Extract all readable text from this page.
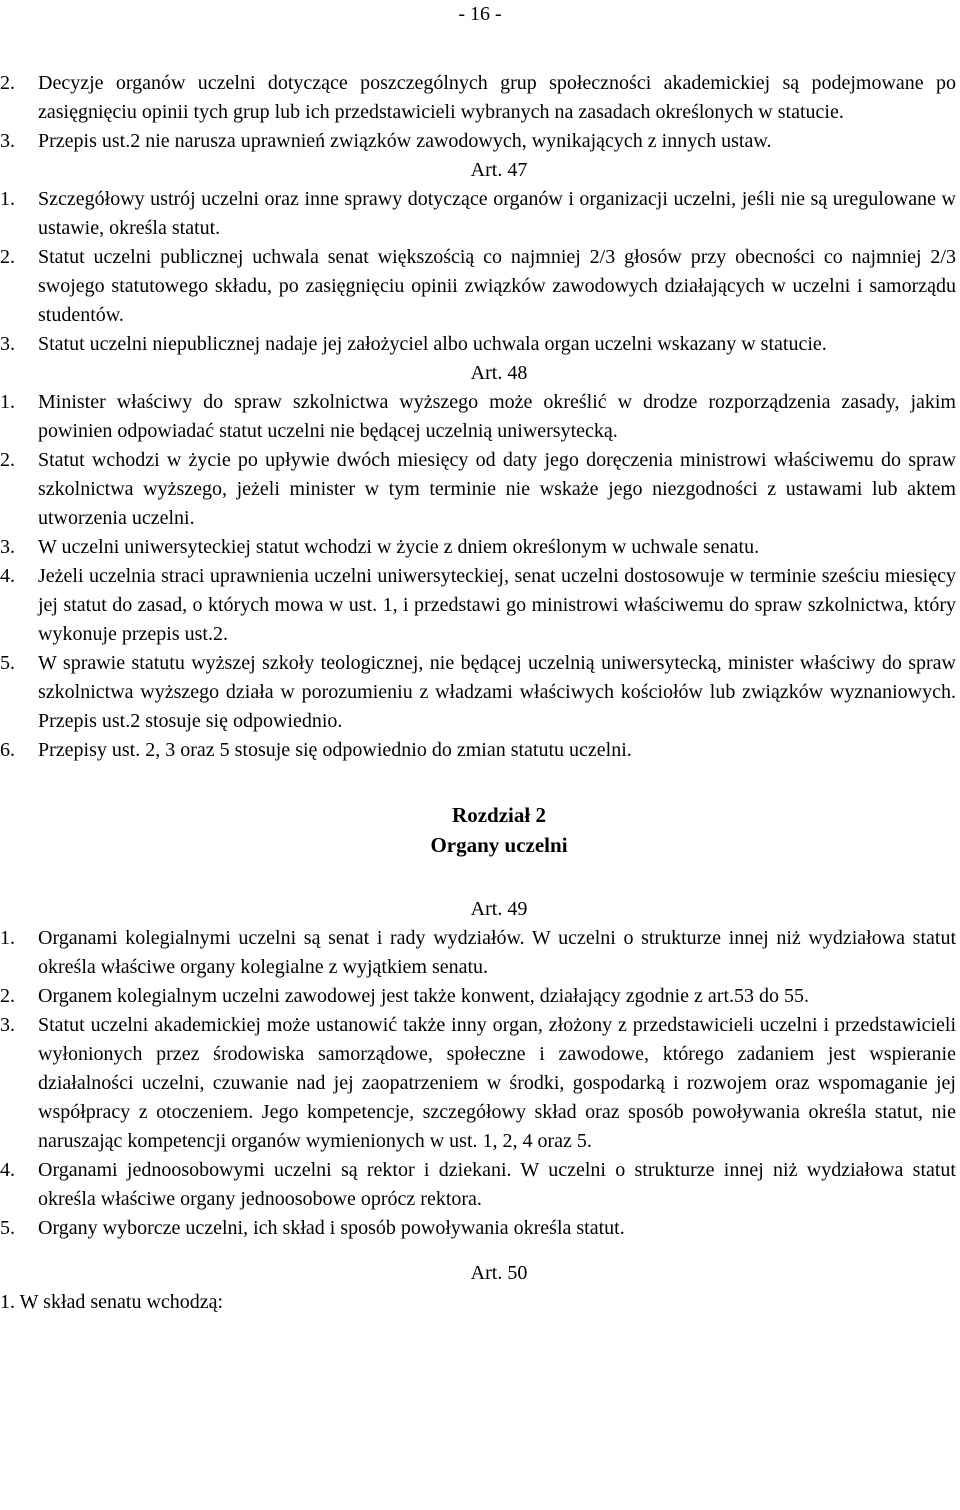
- 16 -

2.	Decyzje organów uczelni dotyczące poszczególnych grup społeczności akademickiej są podejmowane po zasięgnięciu opinii tych grup lub ich przedstawicieli wybranych na zasadach określonych w statucie.

3.	Przepis ust.2 nie narusza uprawnień związków zawodowych, wynikających z innych ustaw.

Art. 47

1.	Szczegółowy ustrój uczelni oraz inne sprawy dotyczące organów i organizacji uczelni, jeśli nie są uregulowane w ustawie, określa statut.

2.	Statut uczelni publicznej uchwala senat większością co najmniej 2/3 głosów przy obecności co najmniej 2/3 swojego statutowego składu, po zasięgnięciu opinii związków zawodowych działających w uczelni i samorządu studentów.

3.	Statut uczelni niepublicznej nadaje jej założyciel albo uchwala organ uczelni wskazany w statucie.

Art. 48

1.	Minister właściwy do spraw szkolnictwa wyższego może określić w drodze rozporządzenia zasady, jakim powinien odpowiadać statut uczelni nie będącej uczelnią uniwersytecką.

2.	Statut wchodzi w życie po upływie dwóch miesięcy od daty jego doręczenia ministrowi właściwemu do spraw szkolnictwa wyższego, jeżeli minister w tym terminie nie wskaże jego niezgodności z ustawami lub aktem utworzenia uczelni.

3.	W uczelni uniwersyteckiej statut wchodzi w życie z dniem określonym w uchwale senatu.

4.	Jeżeli uczelnia straci uprawnienia uczelni uniwersyteckiej, senat uczelni dostosowuje w terminie sześciu miesięcy jej statut do zasad, o których mowa w ust. 1, i przedstawi go ministrowi właściwemu do spraw szkolnictwa, który wykonuje przepis ust.2.

5.	W sprawie statutu wyższej szkoły teologicznej, nie będącej uczelnią uniwersytecką, minister właściwy do spraw szkolnictwa wyższego działa w porozumieniu z władzami właściwych kościołów lub związków wyznaniowych. Przepis ust.2 stosuje się odpowiednio.

6.	Przepisy ust. 2, 3 oraz 5 stosuje się odpowiednio do zmian statutu uczelni.

Rozdział 2

Organy uczelni

Art. 49

1.	Organami kolegialnymi uczelni są senat i rady wydziałów. W uczelni o strukturze innej niż wydziałowa statut określa właściwe organy kolegialne z wyjątkiem senatu.

2.	Organem kolegialnym uczelni zawodowej jest także konwent, działający zgodnie z art.53 do 55.

3.	Statut uczelni akademickiej może ustanowić także inny organ, złożony z przedstawicieli uczelni i przedstawicieli wyłonionych przez środowiska samorządowe, społeczne i zawodowe, którego zadaniem jest wspieranie działalności uczelni, czuwanie nad jej zaopatrzeniem w środki, gospodarką i rozwojem oraz wspomaganie jej współpracy z otoczeniem. Jego kompetencje, szczegółowy skład oraz sposób powoływania określa statut, nie naruszając kompetencji organów wymienionych w ust. 1, 2, 4 oraz 5.

4.	Organami jednoosobowymi uczelni są rektor i dziekani. W uczelni o strukturze innej niż wydziałowa statut określa właściwe organy jednoosobowe oprócz rektora.

5.	Organy wyborcze uczelni, ich skład i sposób powoływania określa statut.

Art. 50

1. W skład senatu wchodzą:
